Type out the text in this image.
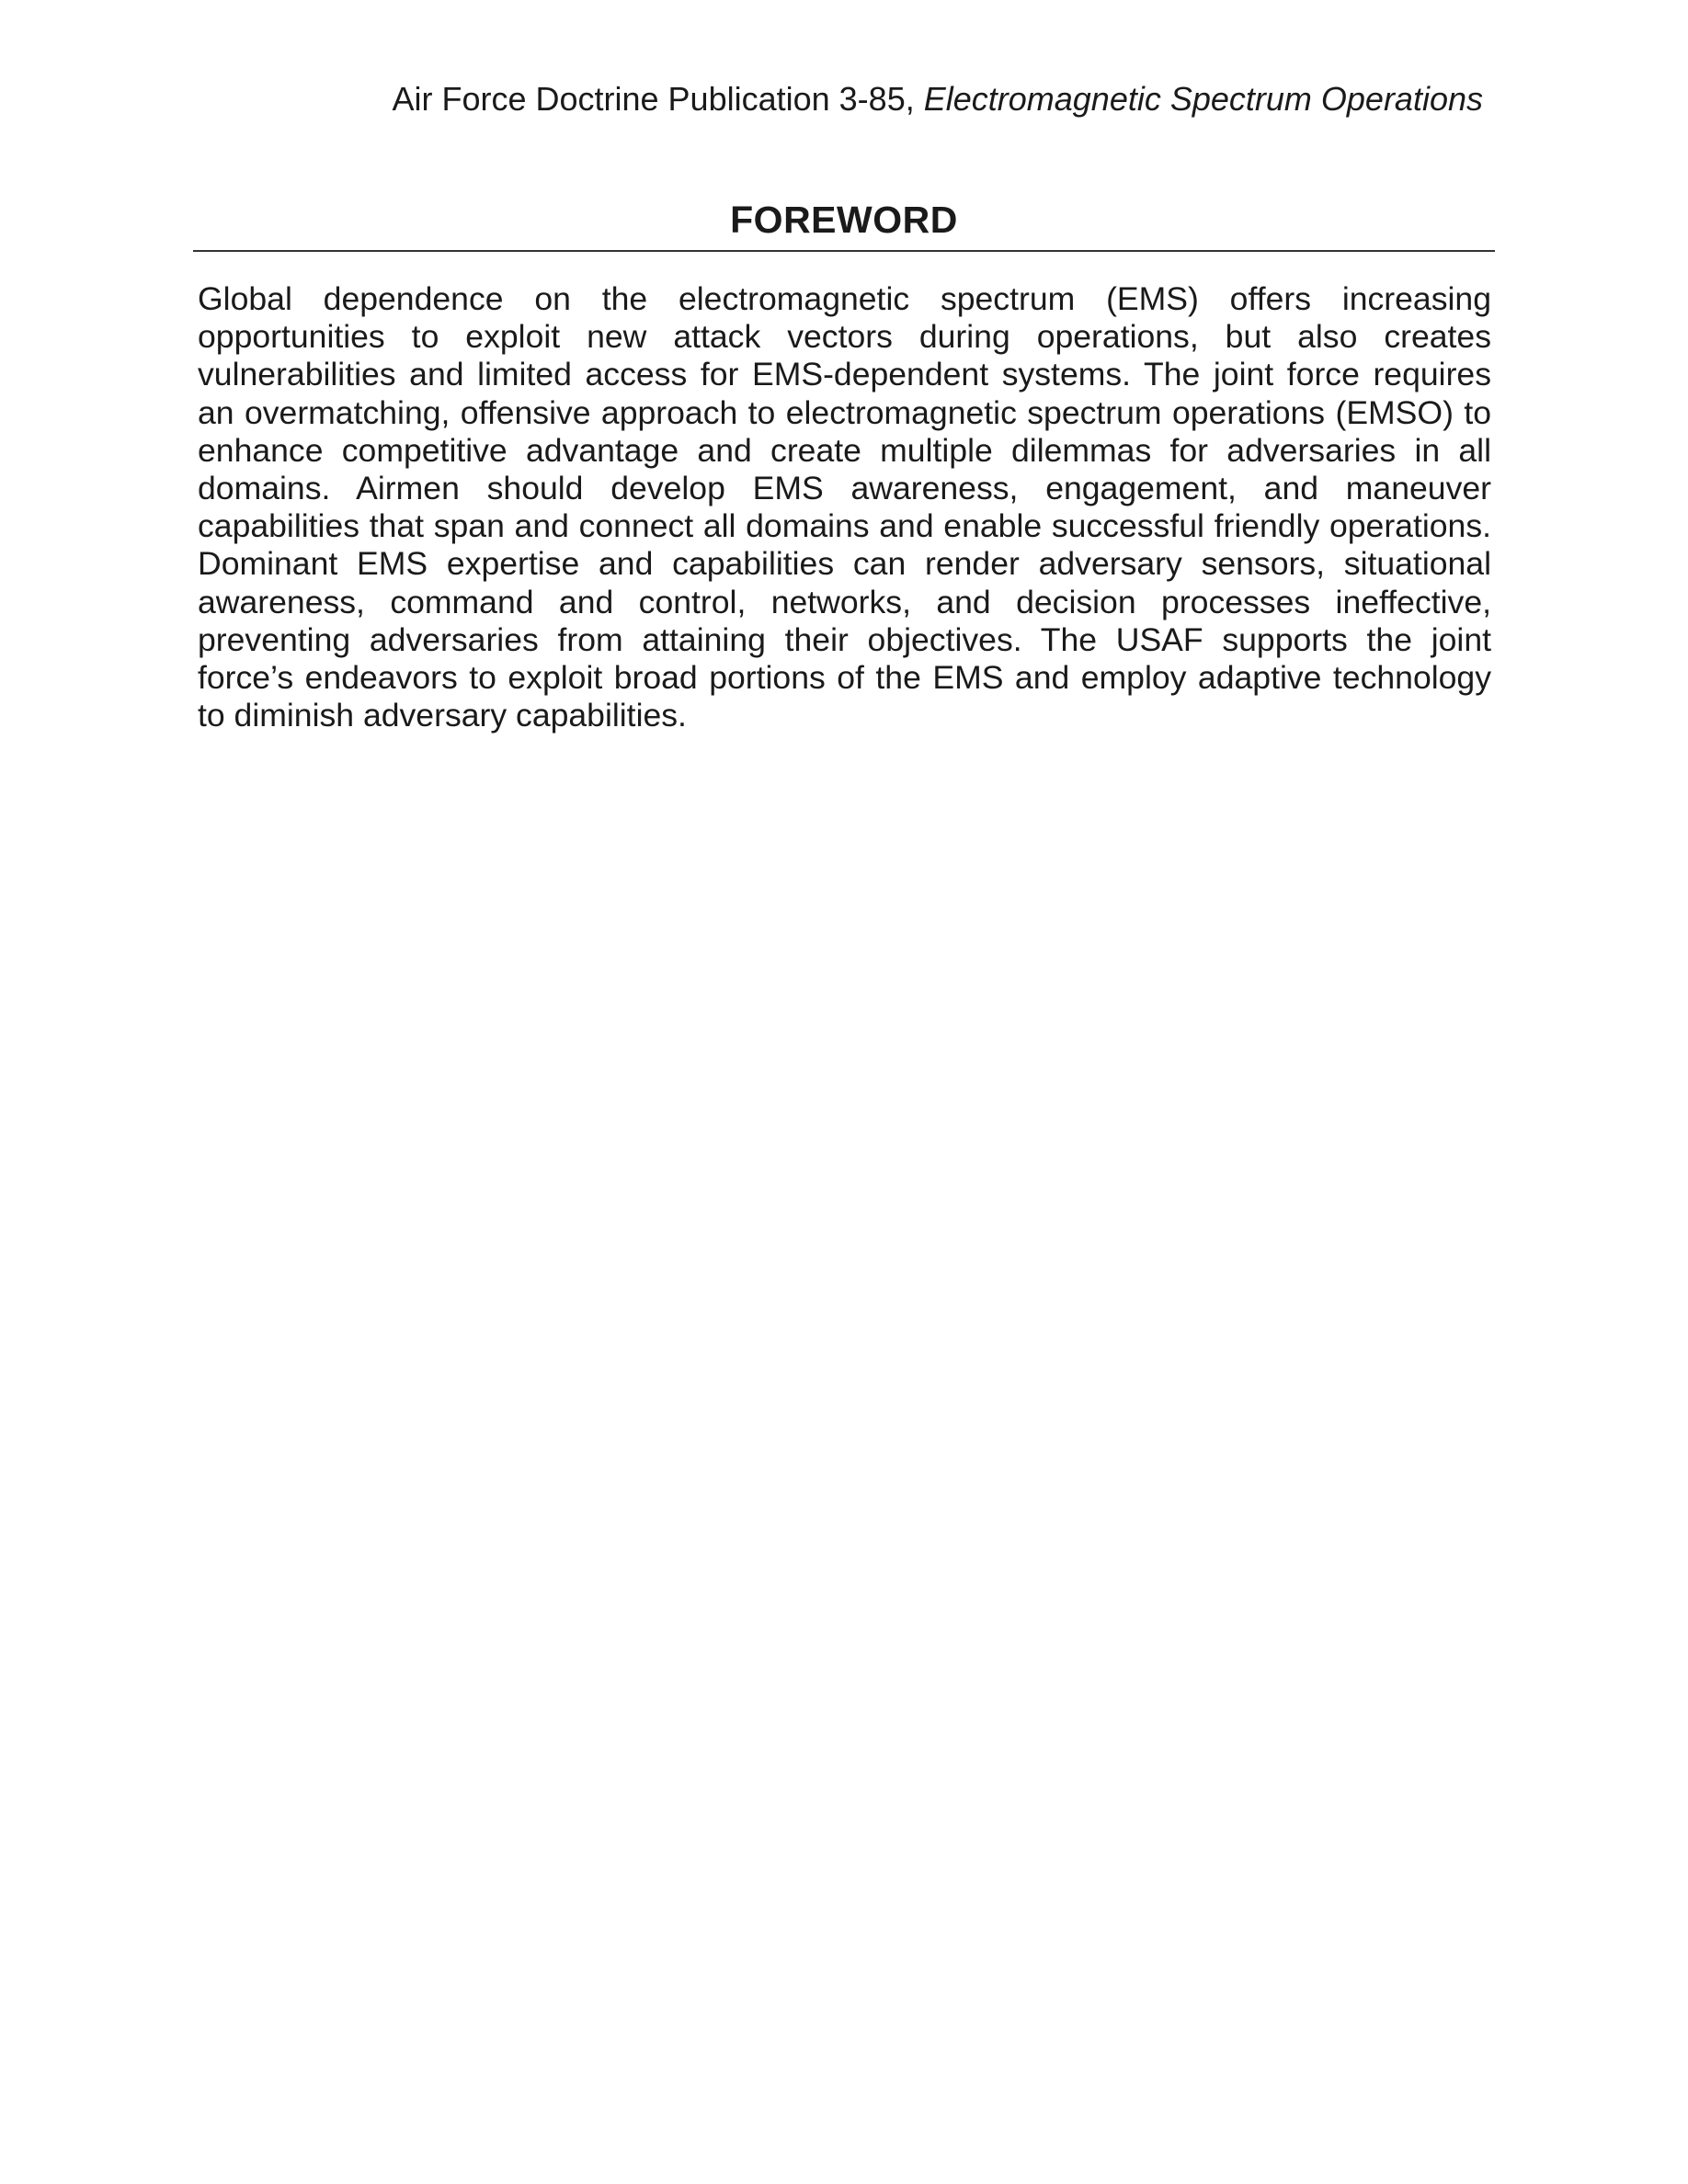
Air Force Doctrine Publication 3-85, Electromagnetic Spectrum Operations
FOREWORD

Global dependence on the electromagnetic spectrum (EMS) offers increasing opportunities to exploit new attack vectors during operations, but also creates vulnerabilities and limited access for EMS-dependent systems. The joint force requires an overmatching, offensive approach to electromagnetic spectrum operations (EMSO) to enhance competitive advantage and create multiple dilemmas for adversaries in all domains. Airmen should develop EMS awareness, engagement, and maneuver capabilities that span and connect all domains and enable successful friendly operations. Dominant EMS expertise and capabilities can render adversary sensors, situational awareness, command and control, networks, and decision processes ineffective, preventing adversaries from attaining their objectives. The USAF supports the joint force’s endeavors to exploit broad portions of the EMS and employ adaptive technology to diminish adversary capabilities.
